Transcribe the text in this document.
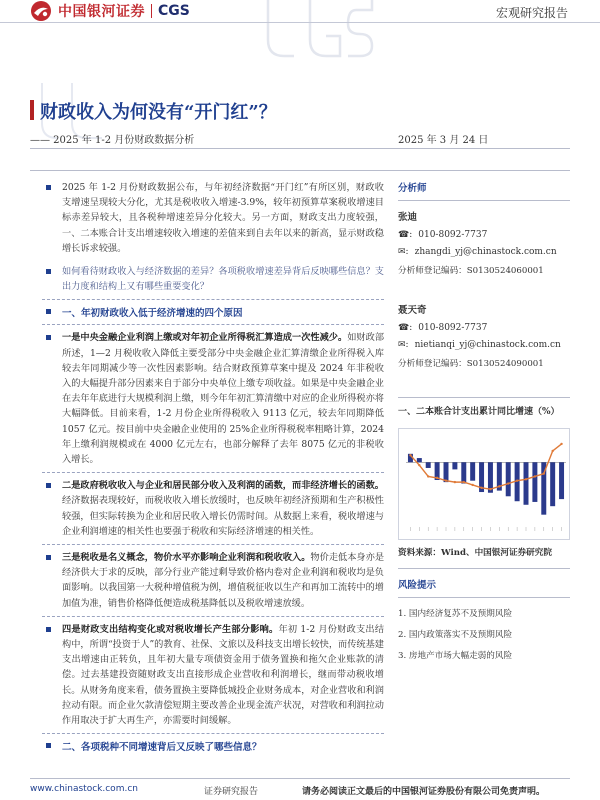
中国银河证券 CGS	宏观研究报告
财政收入为何没有“开门红”？
—— 2025 年 1-2 月份财政数据分析	2025 年 3 月 24 日
2025 年 1-2 月份财政数据公布，与年初经济数据“开门红”有所区别，财政收支增速呈现较大分化，尤其是税收收入增速-3.9%，较年初预算草案税收增速目标赤差异较大，且各税种增速差异分化较大。另一方面，财政支出力度较强，一、二本账合计支出增速较收入增速的差值来到自去年以来的新高，显示财政稳增长诉求较强。
如何看待财政收入与经济数据的差异？各项税收增速差异背后反映哪些信息？支出力度和结构上又有哪些重要变化？
一、年初财政收入低于经济增速的四个原因
一是中央金融企业利润上缴或对年初企业所得税汇算造成一次性减少。如财政部所述，1—2 月税收收入降低主要受部分中央金融企业汇算清缴企业所得税入库较去年同期减少等一次性因素影响。结合财政预算草案中提及 2024 年非税收入的大幅提升部分因素来自于部分中央单位上缴专项收益。如果是中央金融企业在去年年底进行大规模利润上缴，则今年年初汇算清缴中对应的企业所得税亦将大幅降低。目前来看，1-2 月份企业所得税收入 9113 亿元，较去年同期降低 1057 亿元。按目前中央金融企业使用的 25%企业所得税税率粗略计算，2024 年上缴利润规模或在 4000 亿元左右，也部分解释了去年 8075 亿元的非税收入增长。
二是政府税收收入与企业和居民部分收入及利润的函数，而非经济增长的函数。经济数据表现较好，而税收收入增长放缓时，也反映年初经济预期和生产积极性较强，但实际转换为企业和居民收入增长仍需时间。从数据上来看，税收增速与企业利润增速的相关性也要强于税收和实际经济增速的相关性。
三是税收是名义概念，物价水平亦影响企业利润和税收收入。物价走低本身亦是经济供大于求的反映，部分行业产能过剩导致价格内卷对企业利润和税收均是负面影响。以我国第一大税种增值税为例，增值税征收以生产和再加工流转中的增加值为准，销售价格降低便造成税基降低以及税收增速放缓。
四是财政支出结构变化或对税收增长产生部分影响。年初 1-2 月份财政支出结构中，所谓“投资于人”的教育、社保、文旅以及科技支出增长较快，而传统基建支出增速由正转负，且年初大量专项债资金用于债务置换和拖欠企业账款的清偿。过去基建投资随财政支出直接形成企业营收和利润增长，继而带动税收增长。从财务角度来看，债务置换主要降低城投企业财务成本，对企业营收和利润拉动有限。而企业欠款清偿短期主要改善企业现金流产状况，对营收和利润拉动作用取决于扩大再生产，亦需要时间缓解。
二、各项税种不同增速背后又反映了哪些信息？
分析师
张迪
☎: 010-8092-7737
✉: zhangdi_yj@chinastock.com.cn
分析师登记编码：S0130524060001
聂天奇
☎: 010-8092-7737
✉: nietianqi_yj@chinastock.com.cn
分析师登记编码：S0130524090001
一、二本账合计支出累计同比增速（%）
资料来源：Wind、中国银河证券研究院
风险提示
1. 国内经济复苏不及预期风险
2. 国内政策落实不及预期风险
3. 房地产市场大幅走弱的风险
www.chinastock.com.cn	证券研究报告	请务必阅读正文最后的中国银河证券股份有限公司免责声明。
